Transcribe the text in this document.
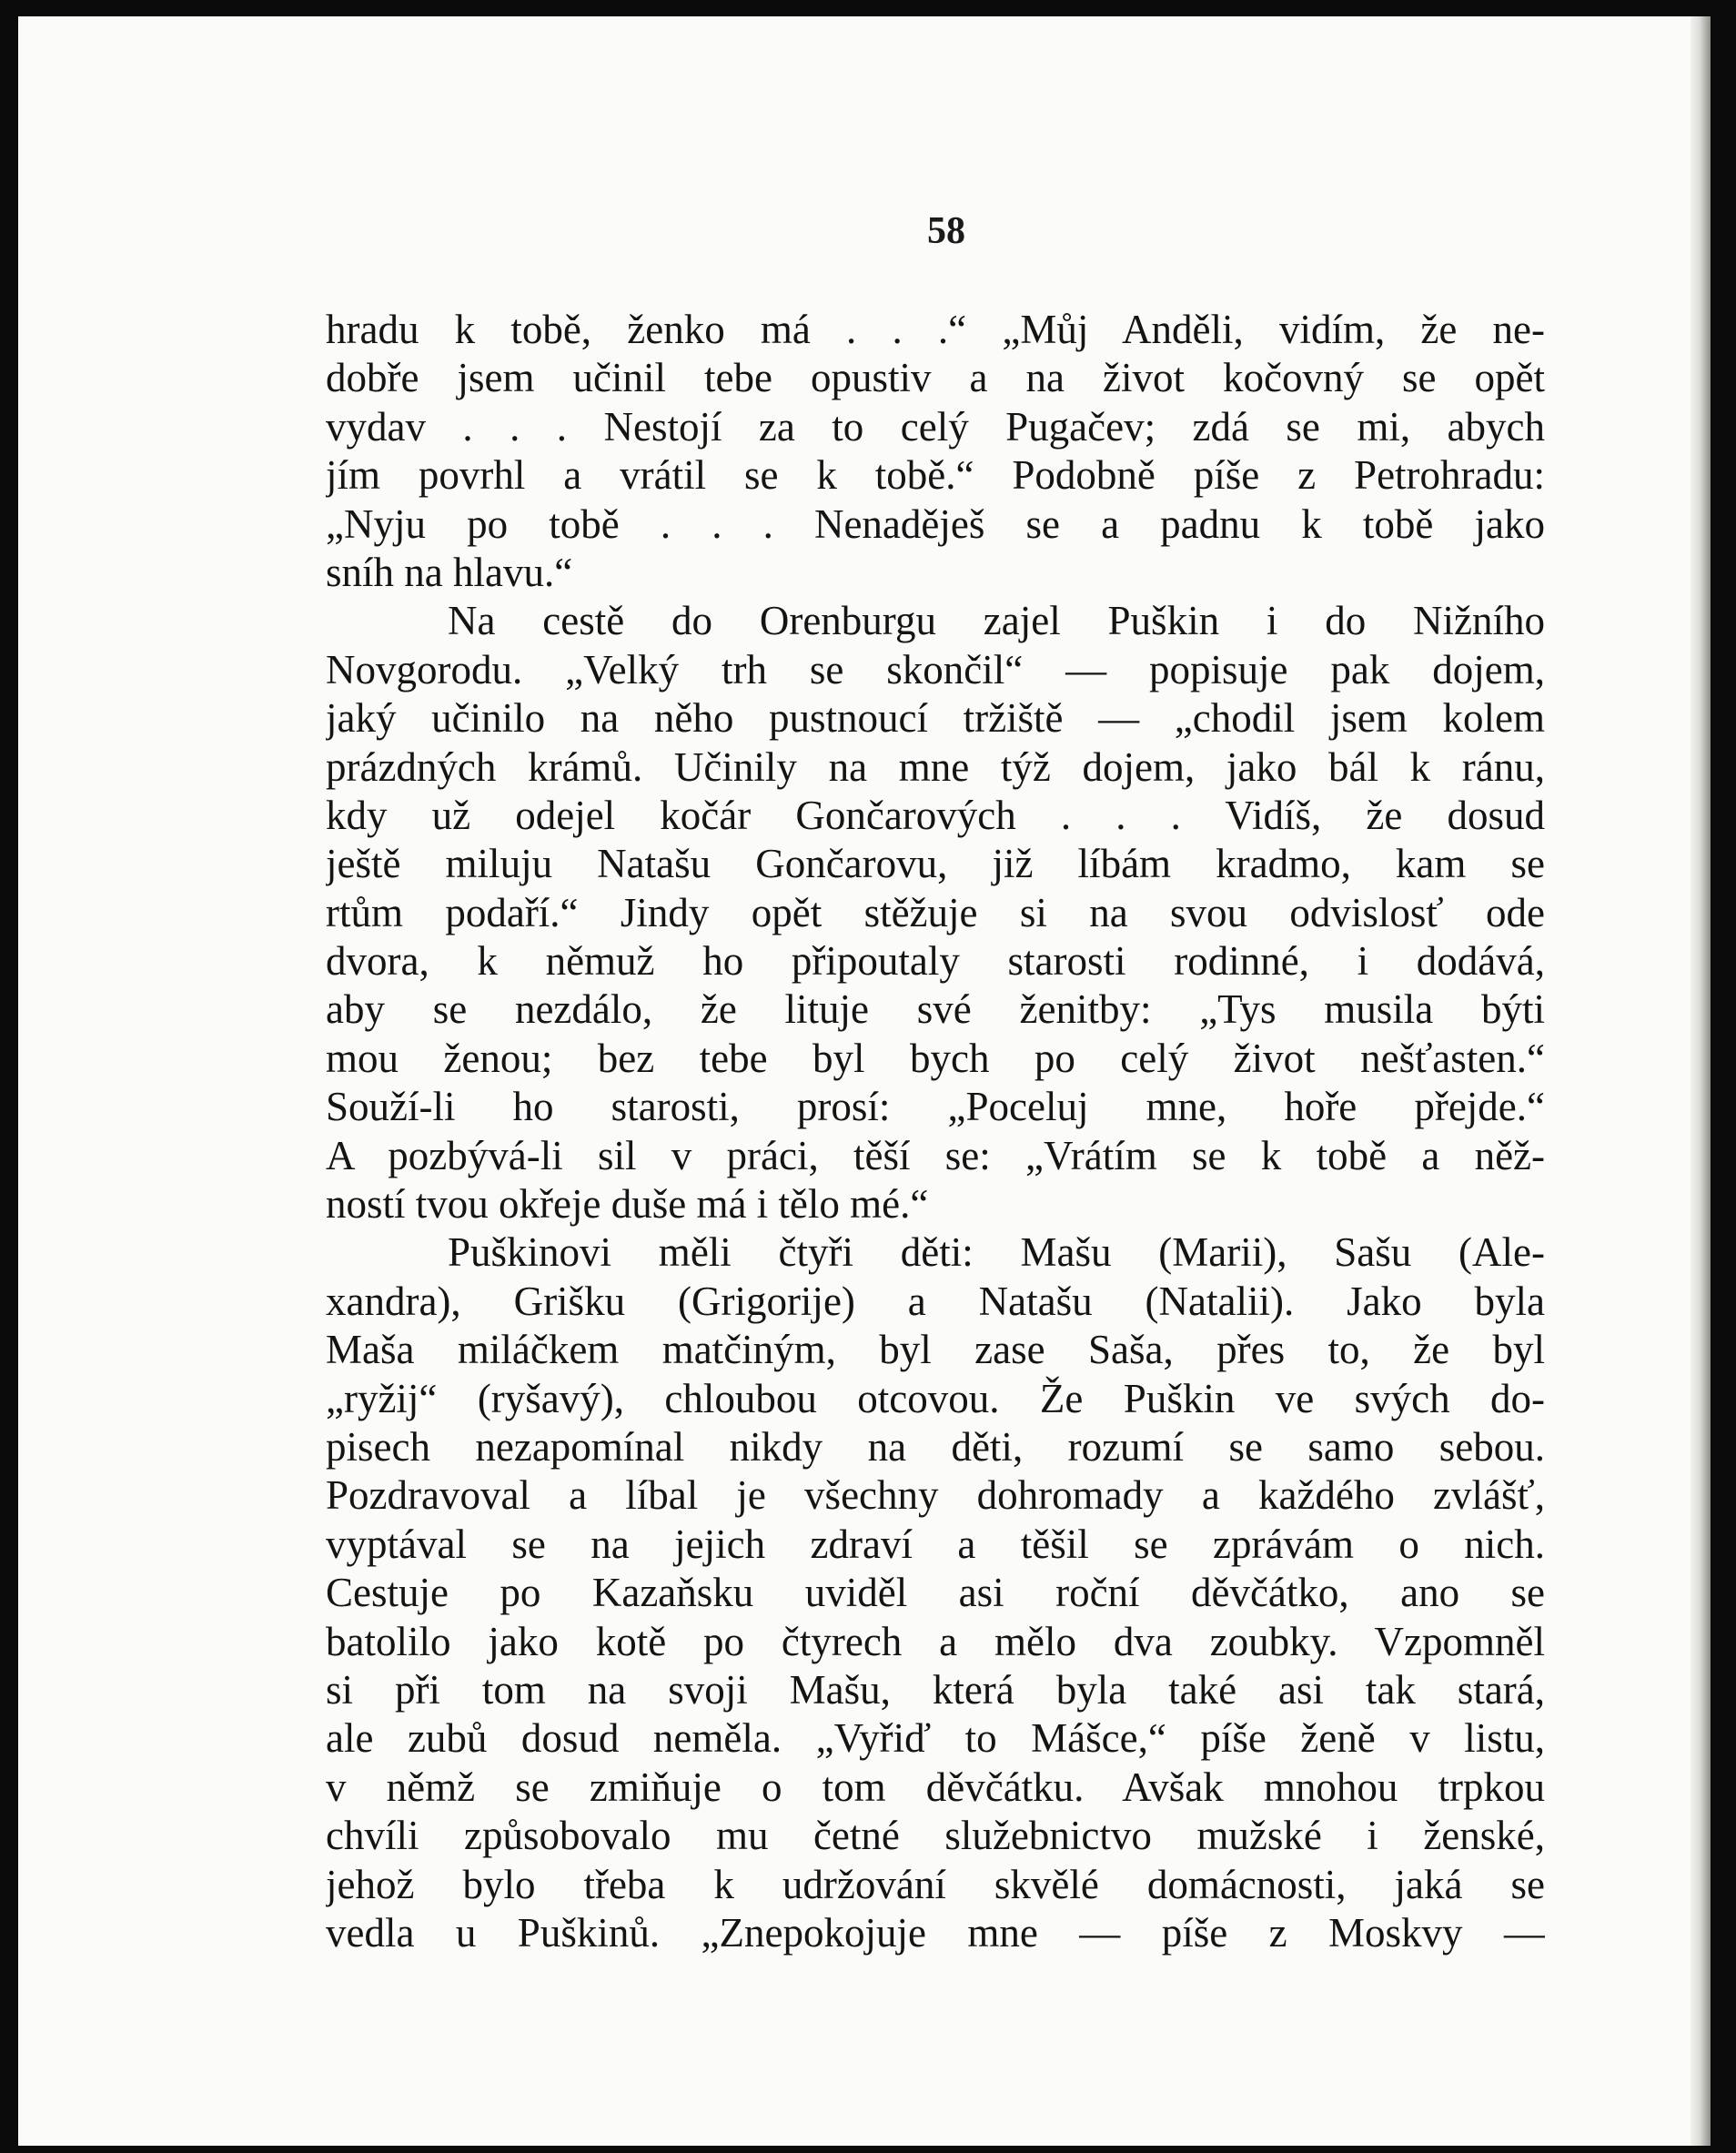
58
hradu k tobě, ženko má . . .“ „Můj Anděli, vidím, že ne-
dobře jsem učinil tebe opustiv a na život kočovný se opět
vydav . . . Nestojí za to celý Pugačev; zdá se mi, abych
jím povrhl a vrátil se k tobě.“ Podobně píše z Petrohradu:
„Nyju po tobě . . . Nenaděješ se a padnu k tobě jako
sníh na hlavu.“
Na cestě do Orenburgu zajel Puškin i do Nižního
Novgorodu. „Velký trh se skončil“ — popisuje pak dojem,
jaký učinilo na něho pustnoucí tržiště — „chodil jsem kolem
prázdných krámů. Učinily na mne týž dojem, jako bál k ránu,
kdy už odejel kočár Gončarových . . . Vidíš, že dosud
ještě miluju Natašu Gončarovu, již líbám kradmo, kam se
rtům podaří.“ Jindy opět stěžuje si na svou odvislosť ode
dvora, k němuž ho připoutaly starosti rodinné, i dodává,
aby se nezdálo, že lituje své ženitby: „Tys musila býti
mou ženou; bez tebe byl bych po celý život nešťasten.“
Souží-li ho starosti, prosí: „Poceluj mne, hoře přejde.“
A pozbývá-li sil v práci, těší se: „Vrátím se k tobě a něž-
ností tvou okřeje duše má i tělo mé.“
Puškinovi měli čtyři děti: Mašu (Marii), Sašu (Ale-
xandra), Grišku (Grigorije) a Natašu (Natalii). Jako byla
Maša miláčkem matčiným, byl zase Saša, přes to, že byl
„ryžij“ (ryšavý), chloubou otcovou. Že Puškin ve svých do-
pisech nezapomínal nikdy na děti, rozumí se samo sebou.
Pozdravoval a líbal je všechny dohromady a každého zvlášť,
vyptával se na jejich zdraví a těšil se zprávám o nich.
Cestuje po Kazaňsku uviděl asi roční děvčátko, ano se
batolilo jako kotě po čtyrech a mělo dva zoubky. Vzpomněl
si při tom na svoji Mašu, která byla také asi tak stará,
ale zubů dosud neměla. „Vyřiď to Mášce,“ píše ženě v listu,
v němž se zmiňuje o tom děvčátku. Avšak mnohou trpkou
chvíli způsobovalo mu četné služebnictvo mužské i ženské,
jehož bylo třeba k udržování skvělé domácnosti, jaká se
vedla u Puškinů. „Znepokojuje mne — píše z Moskvy —
